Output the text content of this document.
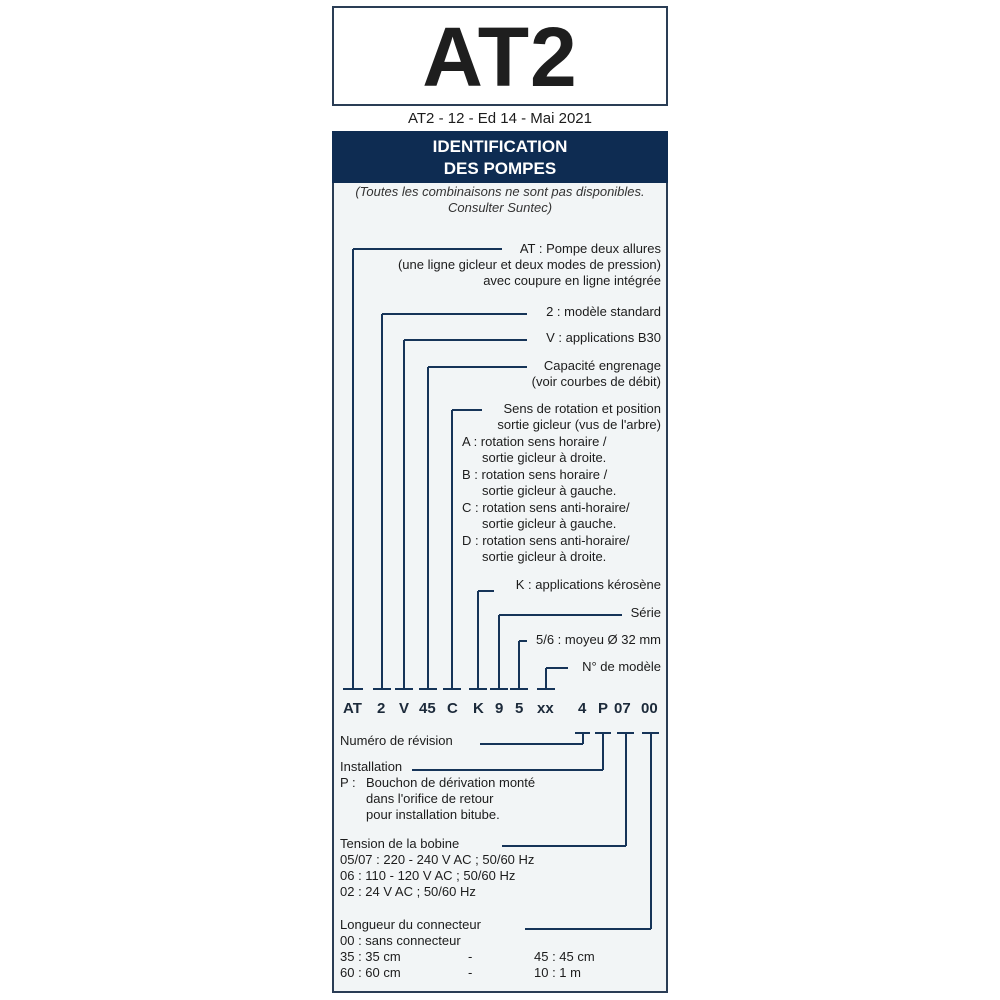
AT2
AT2 - 12 - Ed 14 - Mai 2021
IDENTIFICATION
DES POMPES
(Toutes les combinaisons ne sont pas disponibles.
Consulter Suntec)
AT : Pompe deux allures
(une ligne gicleur et deux modes de pression)
avec coupure en ligne intégrée
2 : modèle standard
V : applications B30
Capacité engrenage
(voir courbes de débit)
Sens de rotation et position
sortie gicleur (vus de l'arbre)
A : rotation sens horaire /
sortie gicleur à droite.
B : rotation sens horaire /
sortie gicleur à gauche.
C : rotation sens anti-horaire/
sortie gicleur à gauche.
D : rotation sens anti-horaire/
sortie gicleur à droite.
K : applications kérosène
Série
5/6 : moyeu Ø 32 mm
N° de modèle
AT 2 V 45 C K 9 5 xx 4 P 07 00
Numéro de révision
Installation
P : Bouchon de dérivation monté
dans l'orifice de retour
pour installation bitube.
Tension de la bobine
05/07 : 220 - 240 V AC ; 50/60 Hz
06 : 110 - 120 V AC ; 50/60 Hz
02 : 24 V AC ; 50/60 Hz
Longueur du connecteur
00 : sans connecteur
35 : 35 cm	-	45 : 45 cm
60 : 60 cm	-	10 : 1 m
